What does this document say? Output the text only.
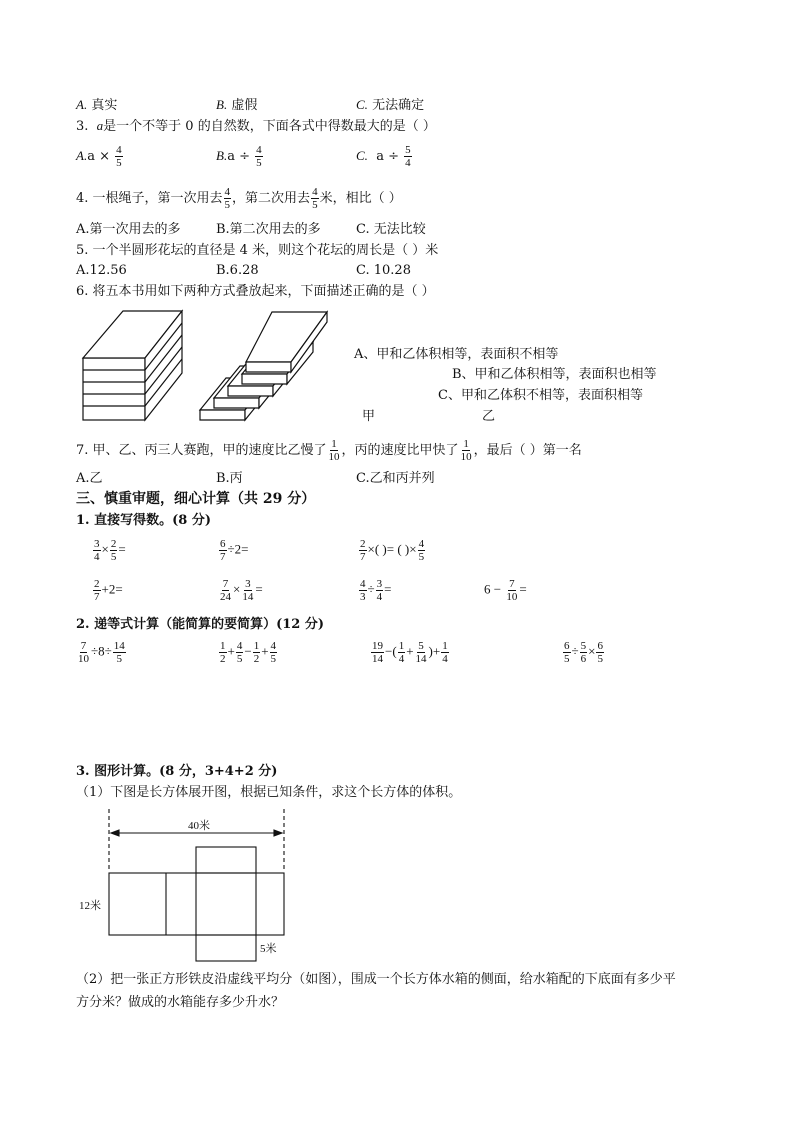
A. 真实	B. 虚假	C. 无法确定
3. a是一个不等于 0 的自然数，下面各式中得数最大的是（ ）
$A.a \times \frac{4}{5}$	$B.a \div \frac{4}{5}$	C. $a \div \frac{5}{4}$
4. 一根绳子，第一次用去 $\frac{4}{5}$ ，第二次用去 $\frac{4}{5}$ 米，相比（ ）
A.第一次用去的多	B.第二次用去的多	C. 无法比较
5. 一个半圆形花坛的直径是 4 米，则这个花坛的周长是（ ）米
A.12.56	B.6.28	C. 10.28
6. 将五本书用如下两种方式叠放起来，下面描述正确的是（ ）
A、甲和乙体积相等，表面积不相等
B、甲和乙体积相等，表面积也相等
C、甲和乙体积不相等，表面积相等
甲	乙
7. 甲、乙、丙三人赛跑，甲的速度比乙慢了 $\frac{1}{10}$ ，丙的速度比甲快了 $\frac{1}{10}$ ，最后（ ）第一名
A.乙	B.丙	C.乙和丙并列
三、慎重审题，细心计算（共 29 分）
1. 直接写得数。(8 分)
$\frac{3}{4} \times \frac{2}{5}$ =	$\frac{6}{7} \div 2=$	$\frac{2}{7}$ ×( )= ( )× $\frac{4}{5}$
$\frac{2}{7} +2=$	$\frac{7}{24} \times \frac{3}{14}$ =	$\frac{4}{3} \div \frac{3}{4}$ =	$6 - \frac{7}{10}$ =
2. 递等式计算（能简算的要简算）(12 分)
$\frac{7}{10} \div 8\div \frac{14}{5}$	$\frac{1}{2} + \frac{4}{5} - \frac{1}{2} + \frac{4}{5}$	$\frac{19}{14}$ −( $\frac{1}{4} + \frac{5}{14}$ )+ $\frac{1}{4}$	$\frac{6}{5} \div \frac{5}{6} \times \frac{6}{5}$
3. 图形计算。(8 分，3+4+2 分)
（1）下图是长方体展开图，根据已知条件，求这个长方体的体积。
40米
12米
5米
（2）把一张正方形铁皮沿虚线平均分（如图），围成一个长方体水箱的侧面，给水箱配的下底面有多少平
方分米？做成的水箱能存多少升水？
